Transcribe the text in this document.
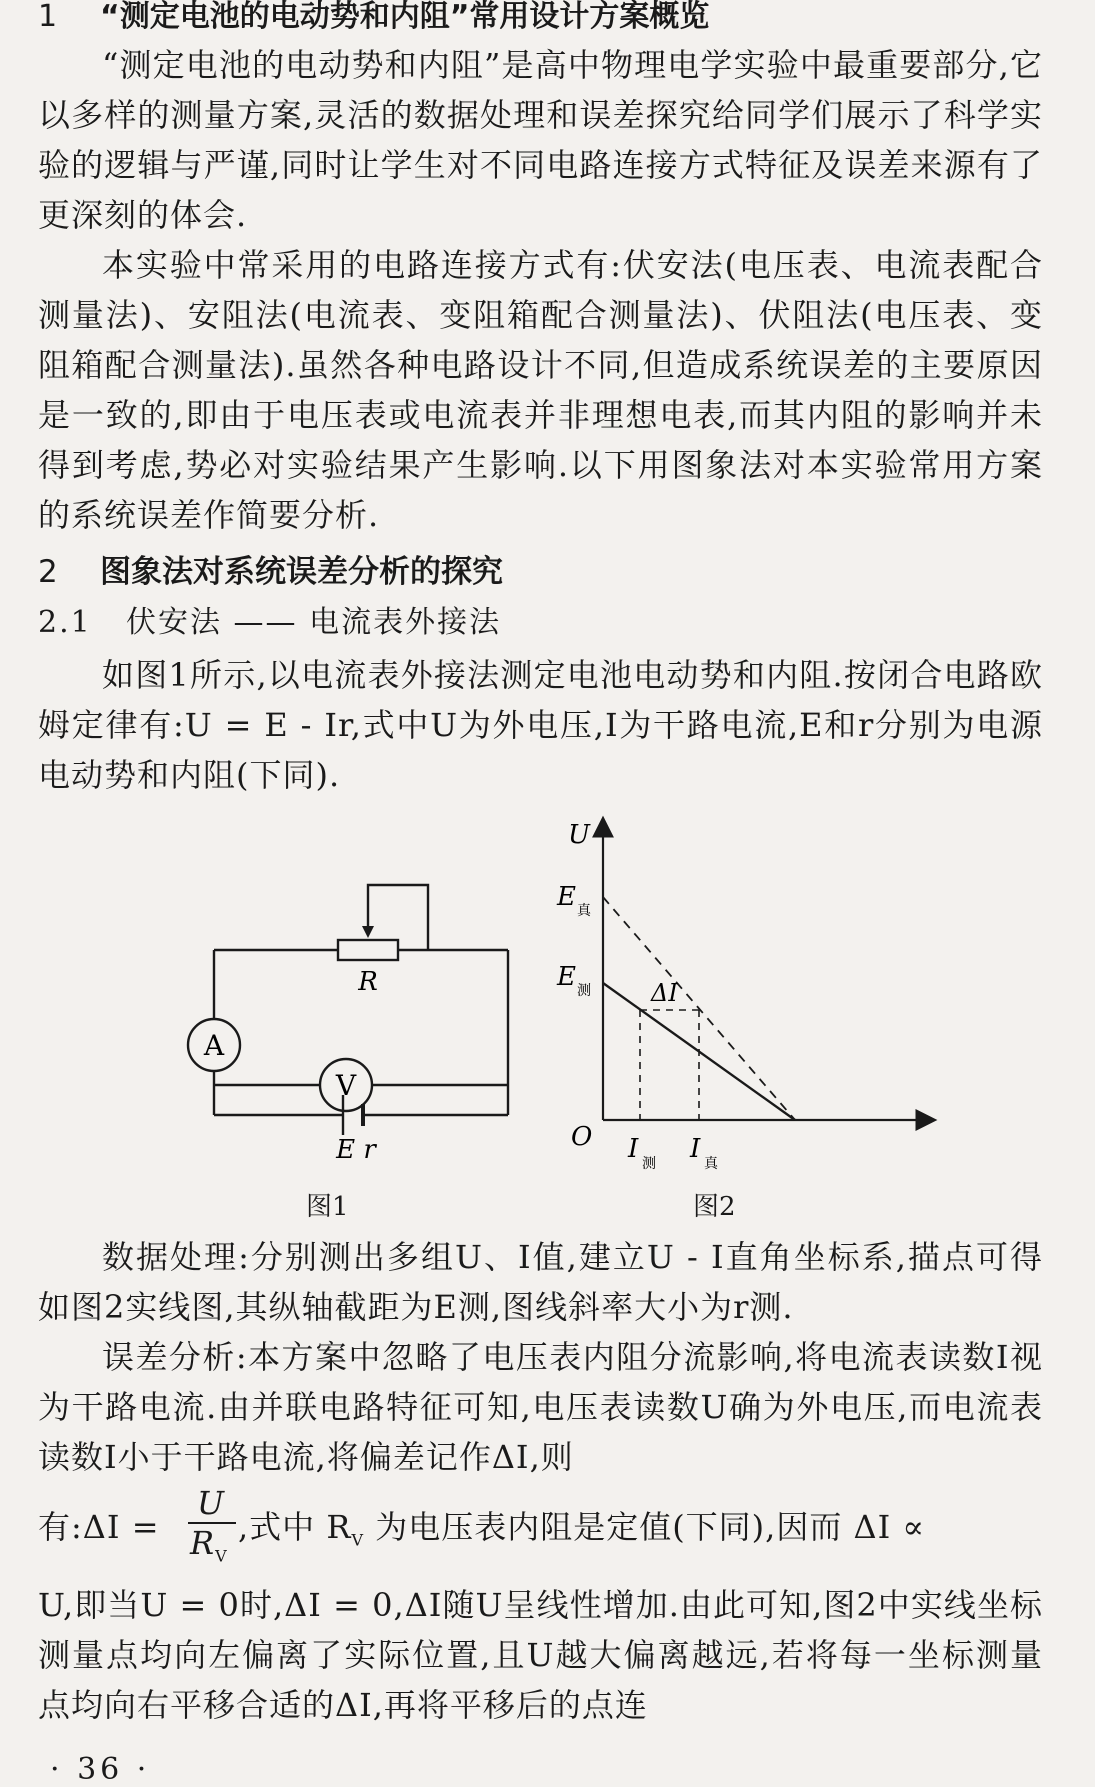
1 “测定电池的电动势和内阻”常用设计方案概览

“测定电池的电动势和内阻”是高中物理电学实验中最重要部分,它以多样的测量方案,灵活的数据处理和误差探究给同学们展示了科学实验的逻辑与严谨,同时让学生对不同电路连接方式特征及误差来源有了更深刻的体会.

本实验中常采用的电路连接方式有:伏安法(电压表、电流表配合测量法)、安阻法(电流表、变阻箱配合测量法)、伏阻法(电压表、变阻箱配合测量法).虽然各种电路设计不同,但造成系统误差的主要原因是一致的,即由于电压表或电流表并非理想电表,而其内阻的影响并未得到考虑,势必对实验结果产生影响.以下用图象法对本实验常用方案的系统误差作简要分析.

2 图象法对系统误差分析的探究
2.1 伏安法 —— 电流表外接法

如图1所示,以电流表外接法测定电池电动势和内阻.按闭合电路欧姆定律有:U = E - Ir,式中U为外电压,I为干路电流,E和r分别为电源电动势和内阻(下同).

A
V
R
E r
图1
U
E 真
E 测	ΔI
O I 测 I 真
图2

数据处理:分别测出多组U、I值,建立U - I直角坐标系,描点可得如图2实线图,其纵轴截距为E测,图线斜率大小为r测.

误差分析:本方案中忽略了电压表内阻分流影响,将电流表读数I视为干路电流.由并联电路特征可知,电压表读数U确为外电压,而电流表读数I小于干路电流,将偏差记作ΔI,则

有:ΔI =
U
$R_V$
,式中 $R_V$ 为电压表内阻是定值(下同),因而 ΔI ∝

U,即当U = 0时,ΔI = 0,ΔI随U呈线性增加.由此可知,图2中实线坐标测量点均向左偏离了实际位置,且U越大偏离越远,若将每一坐标测量点均向右平移合适的ΔI,再将平移后的点连

· 36 ·
